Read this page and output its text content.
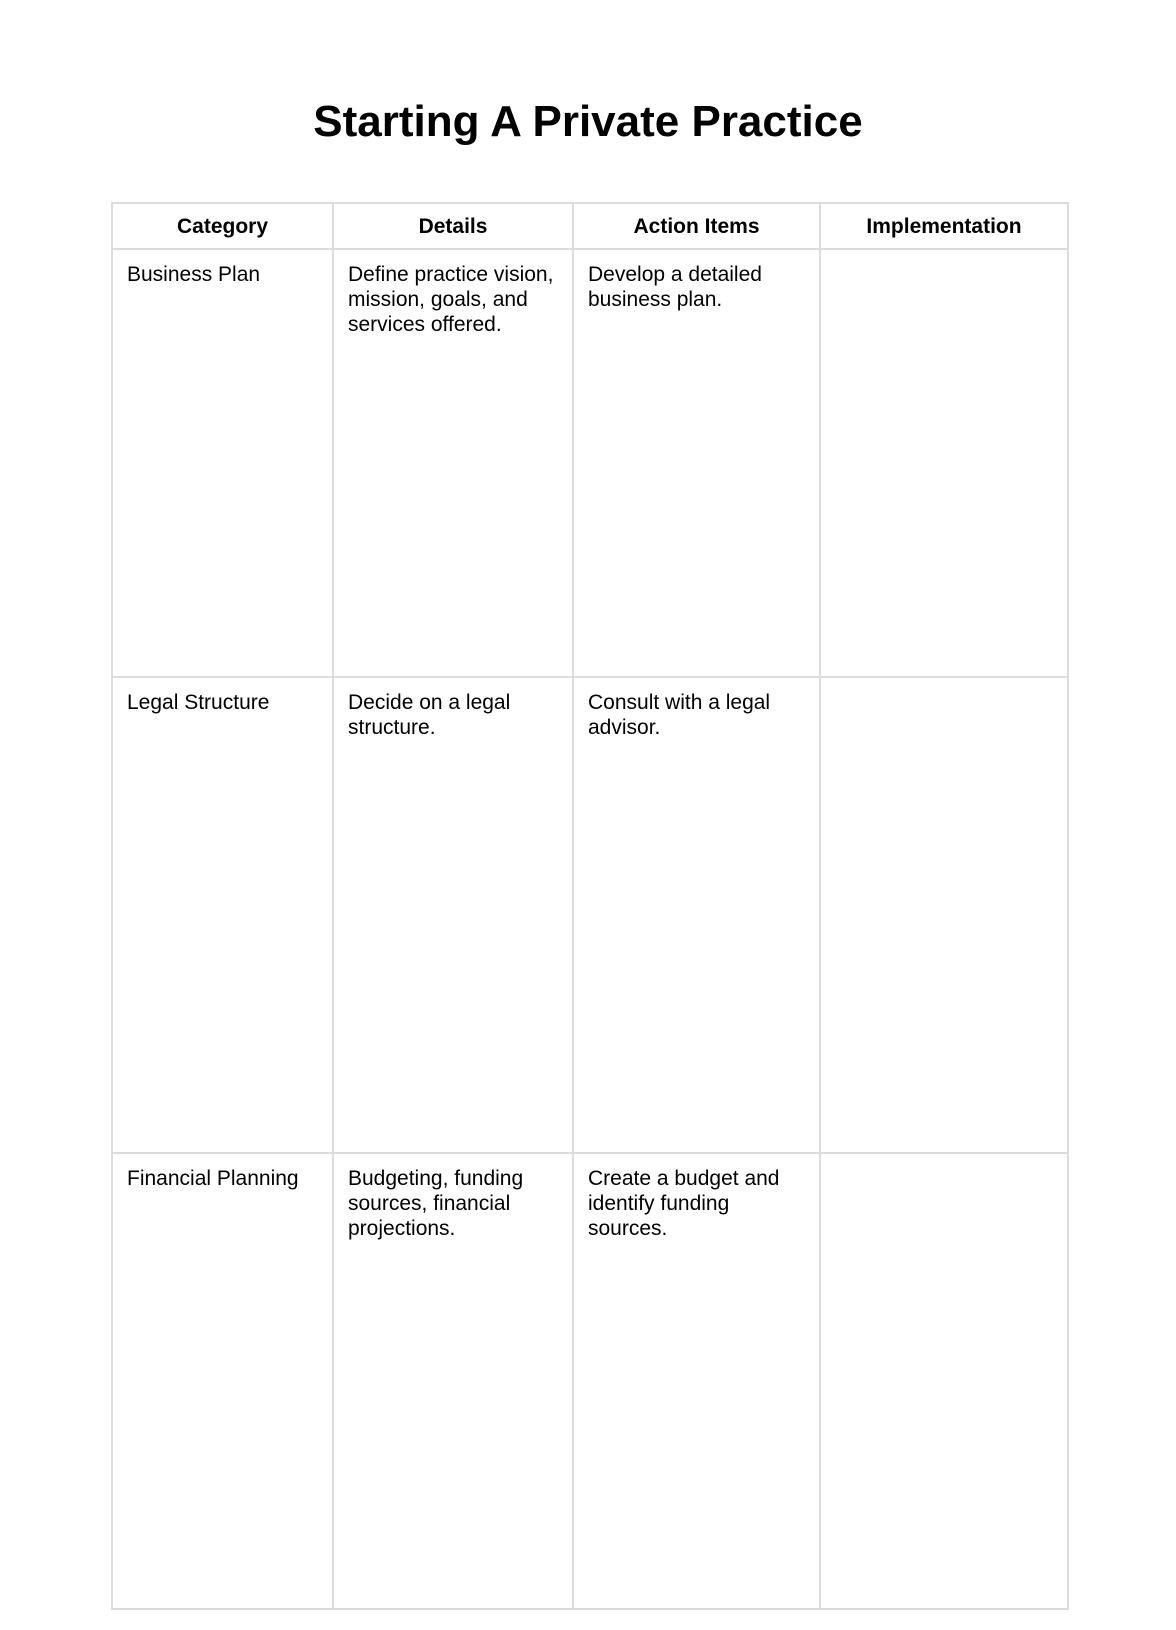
Starting A Private Practice
Category	Details	Action Items	Implementation
Business Plan	Define practice vision, mission, goals, and services offered.	Develop a detailed business plan.	
Legal Structure	Decide on a legal structure.	Consult with a legal advisor.	
Financial Planning	Budgeting, funding sources, financial projections.	Create a budget and identify funding sources.	
